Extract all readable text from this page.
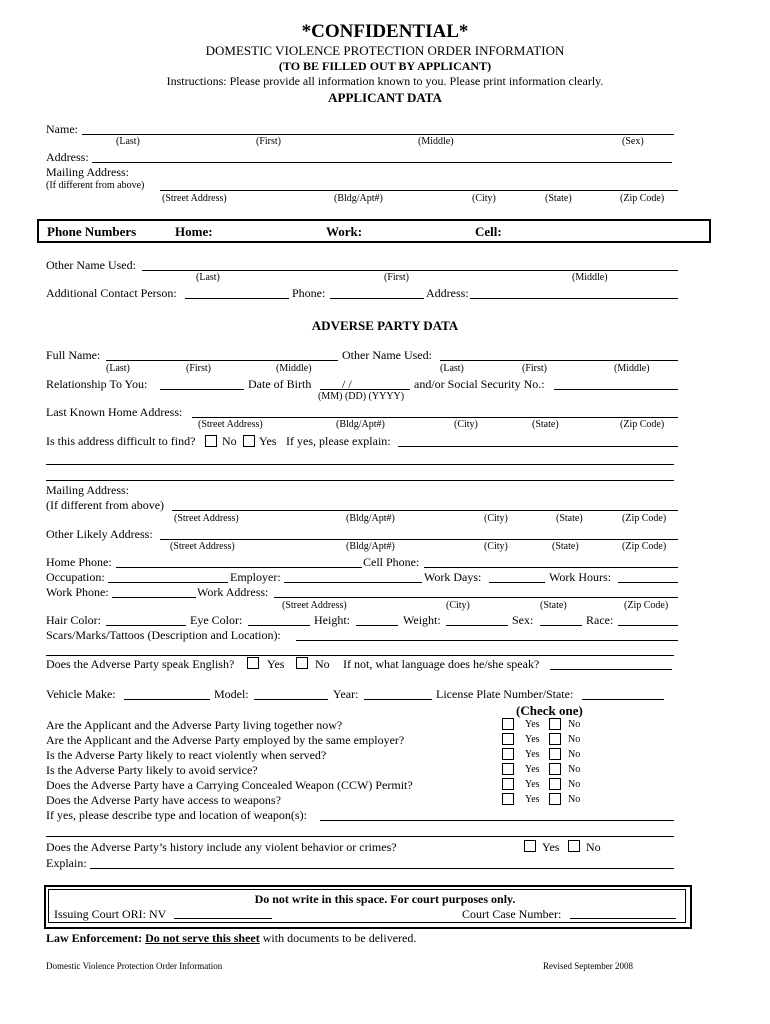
*CONFIDENTIAL*
DOMESTIC VIOLENCE PROTECTION ORDER INFORMATION
(TO BE FILLED OUT BY APPLICANT)
Instructions: Please provide all information known to you. Please print information clearly.
APPLICANT DATA
Name:
(Last)	(First)	(Middle)	(Sex)
Address:
Mailing Address:
(If different from above)
(Street Address)	(Bldg/Apt#)	(City)	(State)	(Zip Code)
Phone Numbers	Home:	Work:	Cell:
Other Name Used:
(Last)	(First)	(Middle)
Additional Contact Person:	Phone:	Address:
ADVERSE PARTY DATA
Full Name:	Other Name Used:
(Last)	(First)	(Middle)	(Last)	(First)	(Middle)
Relationship To You:	Date of Birth	/ /	and/or Social Security No.:
(MM) (DD) (YYYY)
Last Known Home Address:
(Street Address)	(Bldg/Apt#)	(City)	(State)	(Zip Code)
Is this address difficult to find? No Yes If yes, please explain:
Mailing Address:
(If different from above)
(Street Address)	(Bldg/Apt#)	(City)	(State)	(Zip Code)
Other Likely Address:
(Street Address)	(Bldg/Apt#)	(City)	(State)	(Zip Code)
Home Phone:	Cell Phone:
Occupation:	Employer:	Work Days:	Work Hours:
Work Phone:	Work Address:
(Street Address)	(City)	(State)	(Zip Code)
Hair Color:	Eye Color:	Height:	Weight:	Sex:	Race:
Scars/Marks/Tattoos (Description and Location):
Does the Adverse Party speak English?	Yes	No If not, what language does he/she speak?
Vehicle Make:	Model:	Year:	License Plate Number/State:
(Check one)
Are the Applicant and the Adverse Party living together now?	Yes	No
Are the Applicant and the Adverse Party employed by the same employer?	Yes	No
Is the Adverse Party likely to react violently when served?	Yes	No
Is the Adverse Party likely to avoid service?	Yes	No
Does the Adverse Party have a Carrying Concealed Weapon (CCW) Permit?	Yes	No
Does the Adverse Party have access to weapons?	Yes	No
If yes, please describe type and location of weapon(s):
Does the Adverse Party’s history include any violent behavior or crimes?	Yes No
Explain:
Do not write in this space. For court purposes only.
Issuing Court ORI: NV	Court Case Number:
Law Enforcement: Do not serve this sheet with documents to be delivered.
Domestic Violence Protection Order Information	Revised September 2008
